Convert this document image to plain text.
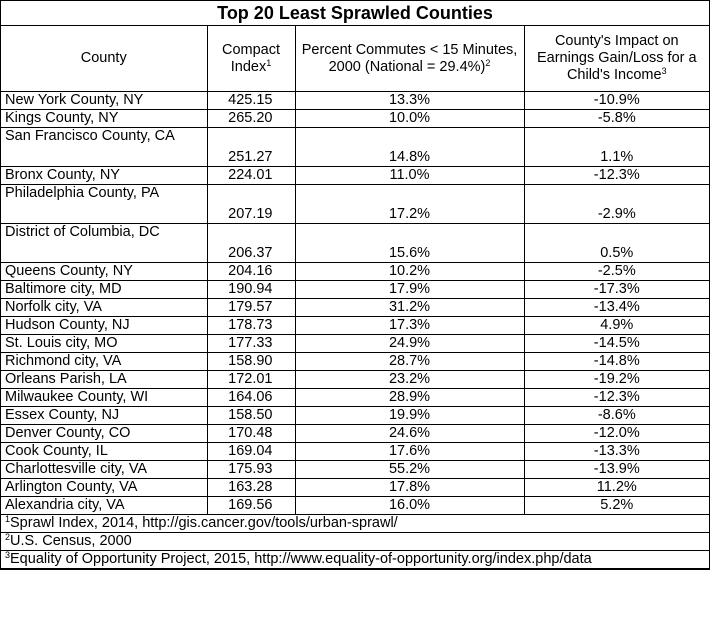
Top 20 Least Sprawled Counties			
County	Compact Index$^1$	Percent Commutes < 15 Minutes, 2000 (National = 29.4%)$^2$	County's Impact on Earnings Gain/Loss for a Child's Income$^3$
New York County, NY	425.15	13.3%	-10.9%
Kings County, NY	265.20	10.0%	-5.8%
San Francisco County, CA	251.27	14.8%	1.1%
Bronx County, NY	224.01	11.0%	-12.3%
Philadelphia County, PA	207.19	17.2%	-2.9%
District of Columbia, DC	206.37	15.6%	0.5%
Queens County, NY	204.16	10.2%	-2.5%
Baltimore city, MD	190.94	17.9%	-17.3%
Norfolk city, VA	179.57	31.2%	-13.4%
Hudson County, NJ	178.73	17.3%	4.9%
St. Louis city, MO	177.33	24.9%	-14.5%
Richmond city, VA	158.90	28.7%	-14.8%
Orleans Parish, LA	172.01	23.2%	-19.2%
Milwaukee County, WI	164.06	28.9%	-12.3%
Essex County, NJ	158.50	19.9%	-8.6%
Denver County, CO	170.48	24.6%	-12.0%
Cook County, IL	169.04	17.6%	-13.3%
Charlottesville city, VA	175.93	55.2%	-13.9%
Arlington County, VA	163.28	17.8%	11.2%
Alexandria city, VA	169.56	16.0%	5.2%
$^1$Sprawl Index, 2014, http://gis.cancer.gov/tools/urban-sprawl/			
$^2$U.S. Census, 2000			
$^3$Equality of Opportunity Project, 2015, http://www.equality-of-opportunity.org/index.php/data			
